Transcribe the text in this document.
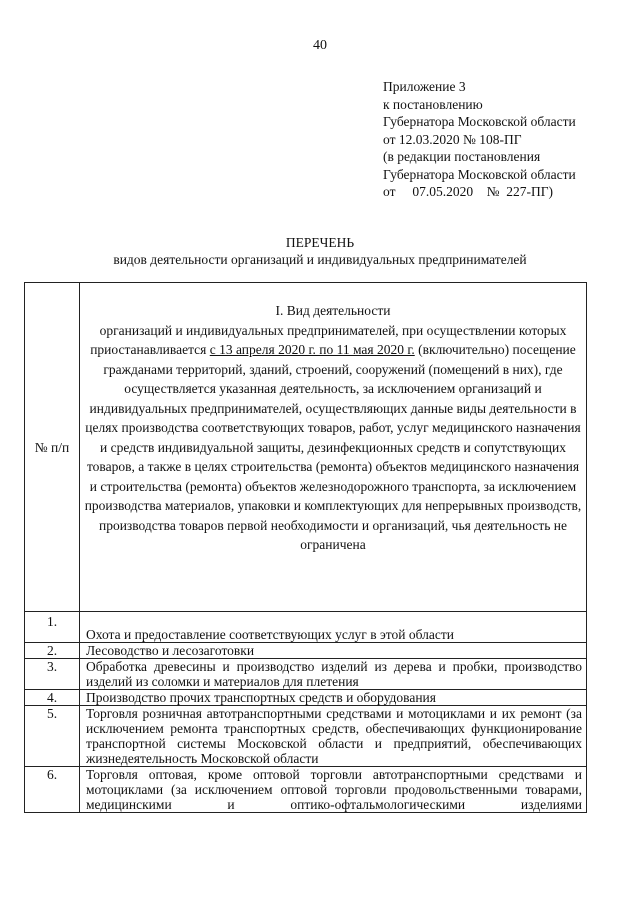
40
Приложение 3
к постановлению
Губернатора Московской области
от 12.03.2020 № 108-ПГ
(в редакции постановления
Губернатора Московской области
от     07.05.2020    №  227-ПГ)
ПЕРЕЧЕНЬ
видов деятельности организаций и индивидуальных предпринимателей
№ п/п	I. Вид деятельности
организаций и индивидуальных предпринимателей, при осуществлении которых приостанавливается с 13 апреля 2020 г. по 11 мая 2020 г. (включительно) посещение гражданами территорий, зданий, строений, сооружений (помещений в них), где осуществляется указанная деятельность, за исключением организаций и индивидуальных предпринимателей, осуществляющих данные виды деятельности в целях производства соответствующих товаров, работ, услуг медицинского назначения и средств индивидуальной защиты, дезинфекционных средств и сопутствующих товаров, а также в целях строительства (ремонта) объектов медицинского назначения и строительства (ремонта) объектов железнодорожного транспорта, за исключением производства материалов, упаковки и комплектующих для непрерывных производств, производства товаров первой необходимости и организаций, чья деятельность не ограничена
1.	Охота и предоставление соответствующих услуг в этой области
2.	Лесоводство и лесозаготовки
3.	Обработка древесины и производство изделий из дерева и пробки, производство изделий из соломки и материалов для плетения
4.	Производство прочих транспортных средств и оборудования
5.	Торговля розничная автотранспортными средствами и мотоциклами и их ремонт (за исключением ремонта транспортных средств, обеспечивающих функционирование транспортной системы Московской области и предприятий, обеспечивающих жизнедеятельность Московской области
6.	Торговля оптовая, кроме оптовой торговли автотранспортными средствами и мотоциклами (за исключением оптовой торговли продовольственными товарами, медицинскими и оптико-офтальмологическими изделиями
